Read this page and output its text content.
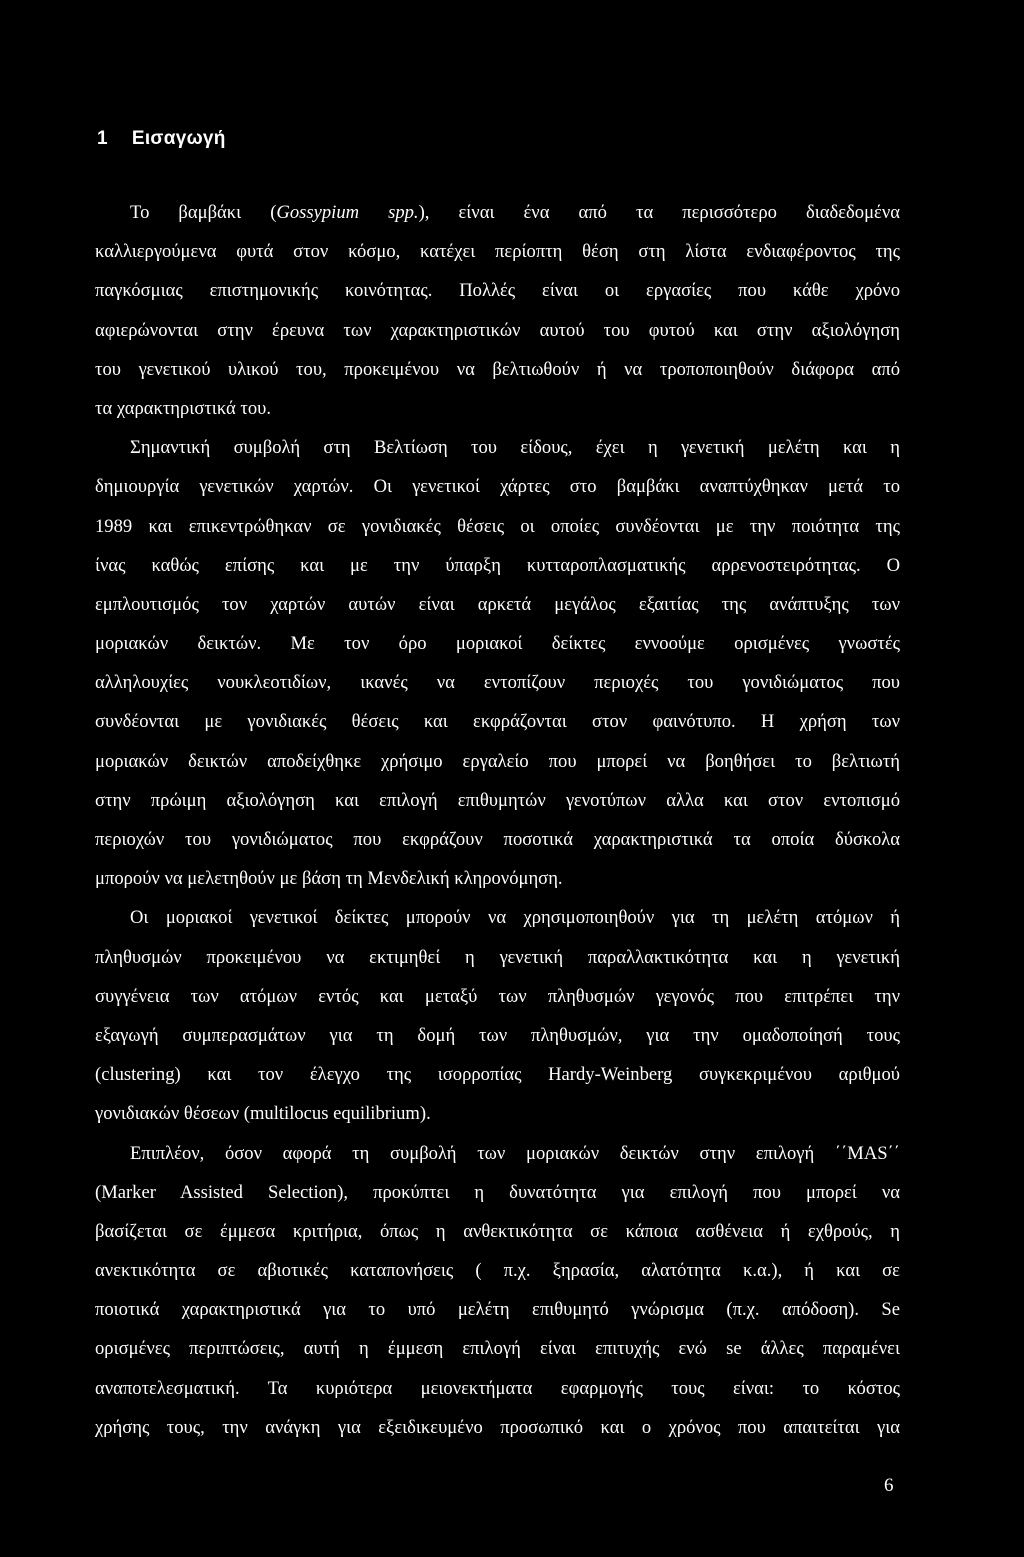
1 Εισαγωγή
Το βαμβάκι (Gossypium spp.), είναι ένα από τα περισσότερο διαδεδομένα
καλλιεργούμενα φυτά στον κόσμο, κατέχει περίοπτη θέση στη λίστα ενδιαφέροντος της
παγκόσμιας επιστημονικής κοινότητας. Πολλές είναι οι εργασίες που κάθε χρόνο
αφιερώνονται στην έρευνα των χαρακτηριστικών αυτού του φυτού και στην αξιολόγηση
του γενετικού υλικού του, προκειμένου να βελτιωθούν ή να τροποποιηθούν διάφορα από
τα χαρακτηριστικά του.
Σημαντική συμβολή στη Βελτίωση του είδους, έχει η γενετική μελέτη και η
δημιουργία γενετικών χαρτών. Οι γενετικοί χάρτες στο βαμβάκι αναπτύχθηκαν μετά το
1989 και επικεντρώθηκαν σε γονιδιακές θέσεις οι οποίες συνδέονται με την ποιότητα της
ίνας καθώς επίσης και με την ύπαρξη κυτταροπλασματικής αρρενοστειρότητας. Ο
εμπλουτισμός τον χαρτών αυτών είναι αρκετά μεγάλος εξαιτίας της ανάπτυξης των
μοριακών δεικτών. Με τον όρο μοριακοί δείκτες εννοούμε ορισμένες γνωστές
αλληλουχίες νουκλεοτιδίων, ικανές να εντοπίζουν περιοχές του γονιδιώματος που
συνδέονται με γονιδιακές θέσεις και εκφράζονται στον φαινότυπο. Η χρήση των
μοριακών δεικτών αποδείχθηκε χρήσιμο εργαλείο που μπορεί να βοηθήσει το βελτιωτή
στην πρώιμη αξιολόγηση και επιλογή επιθυμητών γενοτύπων αλλα και στον εντοπισμό
περιοχών του γονιδιώματος που εκφράζουν ποσοτικά χαρακτηριστικά τα οποία δύσκολα
μπορούν να μελετηθούν με βάση τη Μενδελική κληρονόμηση.
Οι μοριακοί γενετικοί δείκτες μπορούν να χρησιμοποιηθούν για τη μελέτη ατόμων ή
πληθυσμών προκειμένου να εκτιμηθεί η γενετική παραλλακτικότητα και η γενετική
συγγένεια των ατόμων εντός και μεταξύ των πληθυσμών γεγονός που επιτρέπει την
εξαγωγή συμπερασμάτων για τη δομή των πληθυσμών, για την ομαδοποίησή τους
(clustering) και τον έλεγχο της ισορροπίας Hardy-Weinberg συγκεκριμένου αριθμού
γονιδιακών θέσεων (multilocus equilibrium).
Επιπλέον, όσον αφορά τη συμβολή των μοριακών δεικτών στην επιλογή ΄΄MAS΄΄
(Marker Assisted Selection), προκύπτει η δυνατότητα για επιλογή που μπορεί να
βασίζεται σε έμμεσα κριτήρια, όπως η ανθεκτικότητα σε κάποια ασθένεια ή εχθρούς, η
ανεκτικότητα σε αβιοτικές καταπονήσεις ( π.χ. ξηρασία, αλατότητα κ.α.), ή και σε
ποιοτικά χαρακτηριστικά για το υπό μελέτη επιθυμητό γνώρισμα (π.χ. απόδοση). Se
ορισμένες περιπτώσεις, αυτή η έμμεση επιλογή είναι επιτυχής ενώ se άλλες παραμένει
αναποτελεσματική. Τα κυριότερα μειονεκτήματα εφαρμογής τους είναι: το κόστος
χρήσης τους, την ανάγκη για εξειδικευμένο προσωπικό και ο χρόνος που απαιτείται για
6
